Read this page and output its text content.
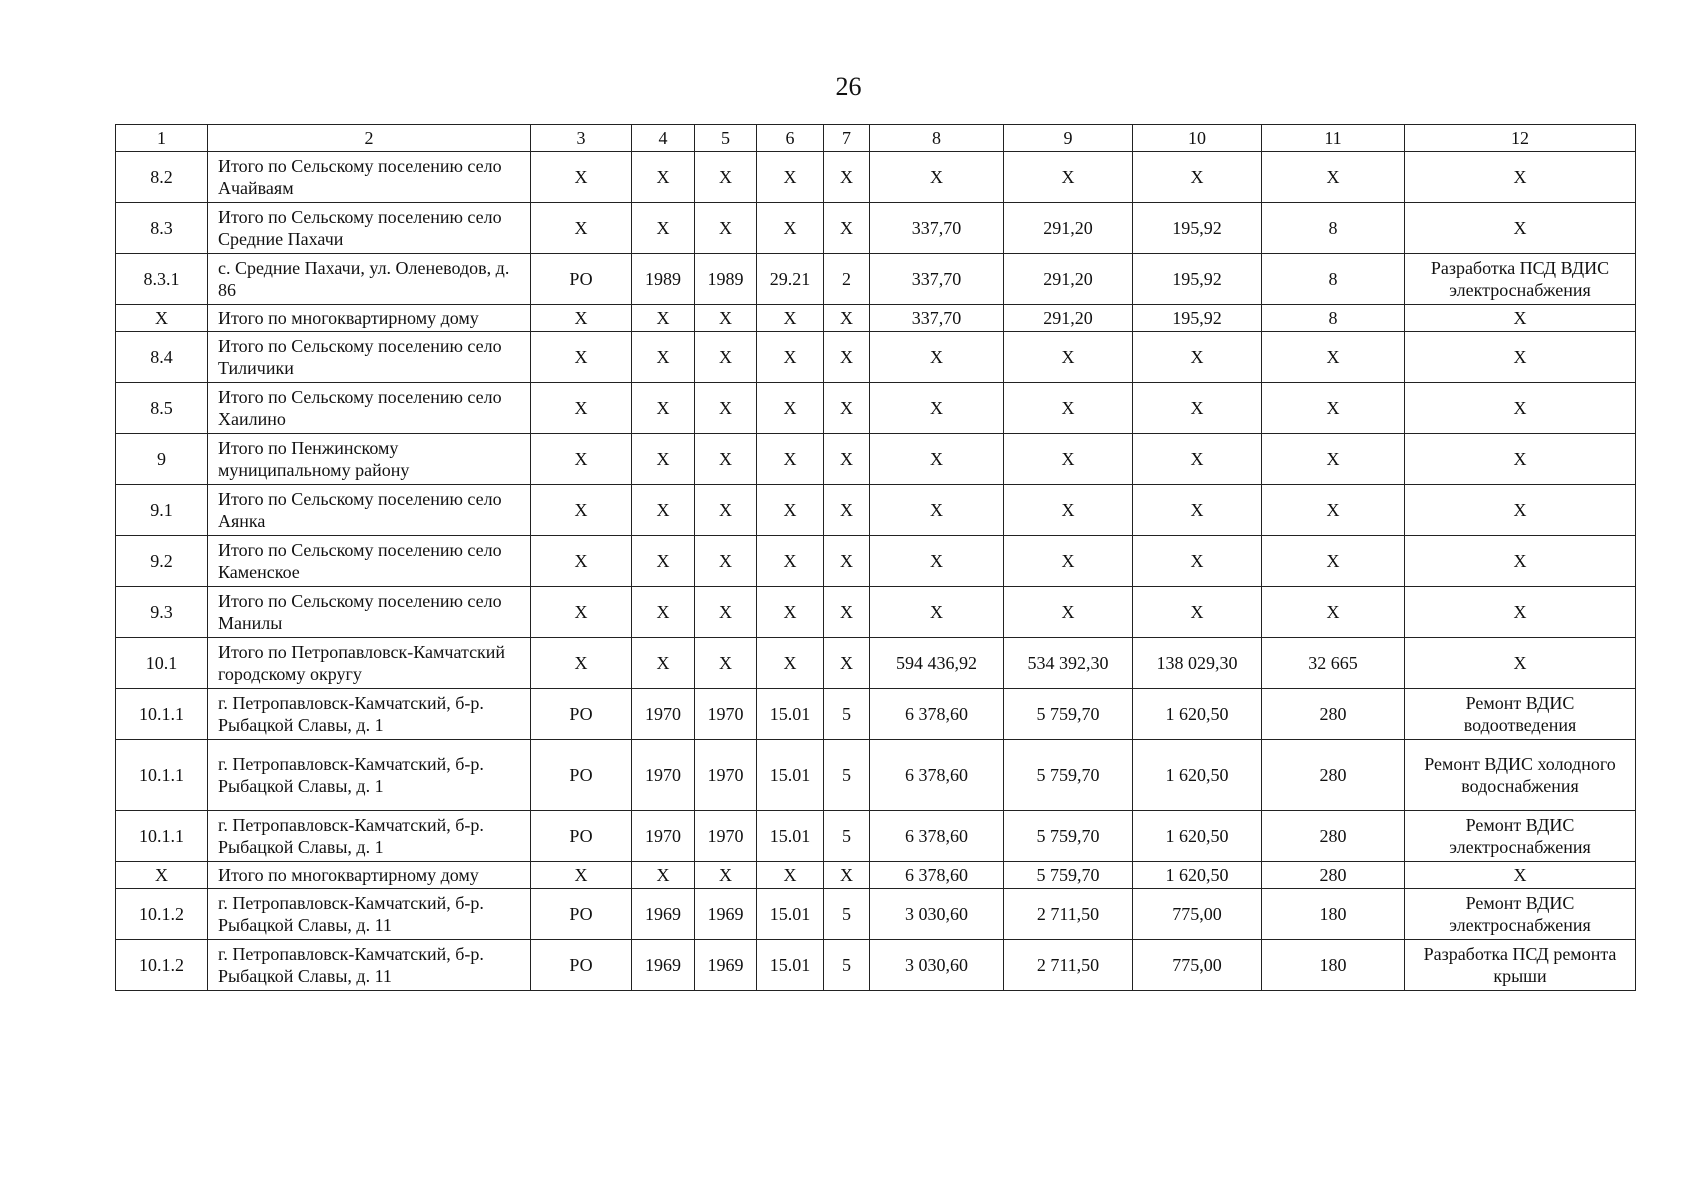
26
1	2	3	4	5	6	7	8	9	10	11	12
8.2	Итого по Сельскому поселению село Ачайваям	X	X	X	X	X	X	X	X	X	X
8.3	Итого по Сельскому поселению село Средние Пахачи	X	X	X	X	X	337,70	291,20	195,92	8	X
8.3.1	с. Средние Пахачи, ул. Оленеводов, д. 86	РО	1989	1989	29.21	2	337,70	291,20	195,92	8	Разработка ПСД ВДИС электроснабжения
X	Итого по многоквартирному дому	X	X	X	X	X	337,70	291,20	195,92	8	X
8.4	Итого по Сельскому поселению село Тиличики	X	X	X	X	X	X	X	X	X	X
8.5	Итого по Сельскому поселению село Хаилино	X	X	X	X	X	X	X	X	X	X
9	Итого по Пенжинскому муниципальному району	X	X	X	X	X	X	X	X	X	X
9.1	Итого по Сельскому поселению село Аянка	X	X	X	X	X	X	X	X	X	X
9.2	Итого по Сельскому поселению село Каменское	X	X	X	X	X	X	X	X	X	X
9.3	Итого по Сельскому поселению село Манилы	X	X	X	X	X	X	X	X	X	X
10.1	Итого по Петропавловск-Камчатский городскому округу	X	X	X	X	X	594 436,92	534 392,30	138 029,30	32 665	X
10.1.1	г. Петропавловск-Камчатский, б-р. Рыбацкой Славы, д. 1	РО	1970	1970	15.01	5	6 378,60	5 759,70	1 620,50	280	Ремонт ВДИС водоотведения
10.1.1	г. Петропавловск-Камчатский, б-р. Рыбацкой Славы, д. 1	РО	1970	1970	15.01	5	6 378,60	5 759,70	1 620,50	280	Ремонт ВДИС холодного водоснабжения
10.1.1	г. Петропавловск-Камчатский, б-р. Рыбацкой Славы, д. 1	РО	1970	1970	15.01	5	6 378,60	5 759,70	1 620,50	280	Ремонт ВДИС электроснабжения
X	Итого по многоквартирному дому	X	X	X	X	X	6 378,60	5 759,70	1 620,50	280	X
10.1.2	г. Петропавловск-Камчатский, б-р. Рыбацкой Славы, д. 11	РО	1969	1969	15.01	5	3 030,60	2 711,50	775,00	180	Ремонт ВДИС электроснабжения
10.1.2	г. Петропавловск-Камчатский, б-р. Рыбацкой Славы, д. 11	РО	1969	1969	15.01	5	3 030,60	2 711,50	775,00	180	Разработка ПСД ремонта крыши
